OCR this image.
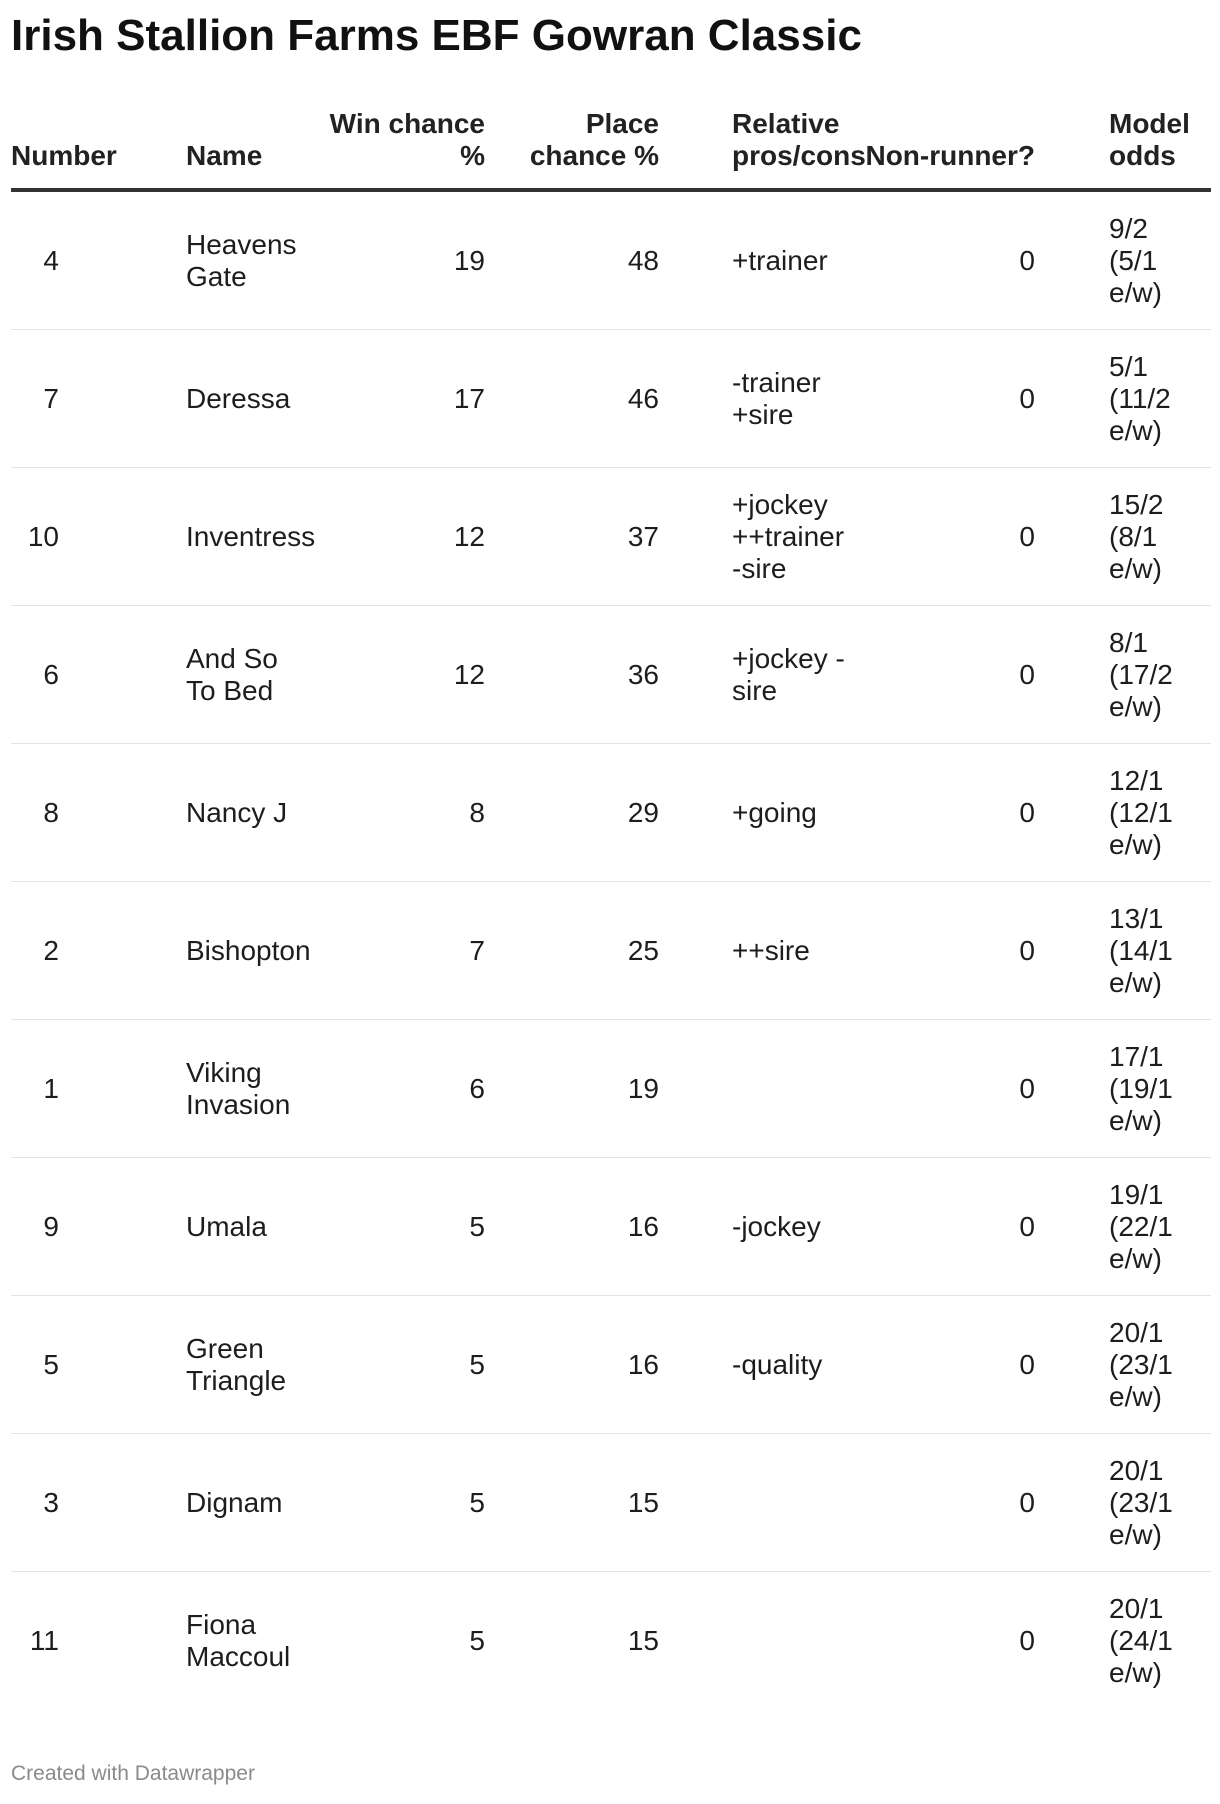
Irish Stallion Farms EBF Gowran Classic
Number	Name	Win chance %	Place chance %	Relative pros/cons	Non-runner?	Model odds
4	Heavens Gate	19	48	+trainer	0	9/2 (5/1 e/w)
7	Deressa	17	46	-trainer +sire	0	5/1 (11/2 e/w)
10	Inventress	12	37	+jockey ++trainer -sire	0	15/2 (8/1 e/w)
6	And So To Bed	12	36	+jockey -sire	0	8/1 (17/2 e/w)
8	Nancy J	8	29	+going	0	12/1 (12/1 e/w)
2	Bishopton	7	25	++sire	0	13/1 (14/1 e/w)
1	Viking Invasion	6	19		0	17/1 (19/1 e/w)
9	Umala	5	16	-jockey	0	19/1 (22/1 e/w)
5	Green Triangle	5	16	-quality	0	20/1 (23/1 e/w)
3	Dignam	5	15		0	20/1 (23/1 e/w)
11	Fiona Maccoul	5	15		0	20/1 (24/1 e/w)
Created with Datawrapper
